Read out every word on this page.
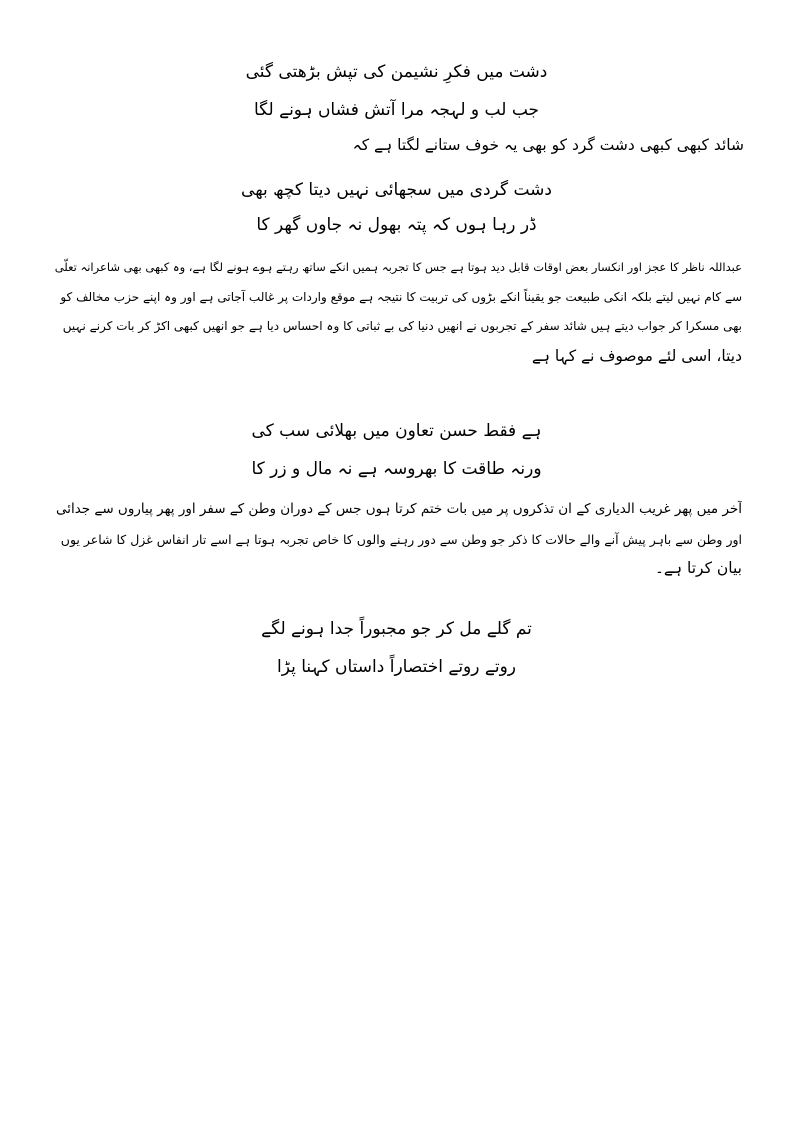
دشت میں فکرِ نشیمن کی تپش بڑھتی گئی
جب لب و لہجہ مرا آتش فشاں ہونے لگا
شائد کبھی کبھی دشت گرد کو بھی یہ خوف ستانے لگتا ہے کہ
دشت گردی میں سجھائی نہیں دیتا کچھ بھی
ڈر رہا ہوں کہ پتہ بھول نہ جاوں گھر کا
عبداللہ ناظر کا عجز اور انکسار بعض اوقات قابل دید ہوتا ہے جس کا تجربہ ہمیں انکے ساتھ رہتے ہوے ہونے لگا ہے، وہ کبھی بھی شاعرانہ تعلّی
سے کام نہیں لیتے بلکہ انکی طبیعت جو یقیناً انکے بڑوں کی تربیت کا نتیجہ ہے موقع واردات پر غالب آجاتی ہے اور وہ اپنے حزب مخالف کو
بھی مسکرا کر جواب دیتے ہیں شائد سفر کے تجربوں نے انھیں دنیا کی بے ثباتی کا وہ احساس دیا ہے جو انھیں کبھی اکڑ کر بات کرنے نہیں
دیتا، اسی لئے موصوف نے کہا ہے
ہے فقط حسن تعاون میں بھلائی سب کی
ورنہ طاقت کا بھروسہ ہے نہ مال و زر کا
آخر میں پھر غریب الدیاری کے ان تذکروں پر میں بات ختم کرتا ہوں جس کے دوران وطن کے سفر اور پھر پیاروں سے جدائی
اور وطن سے باہر پیش آنے والے حالات کا ذکر جو وطن سے دور رہنے والوں کا خاص تجربہ ہوتا ہے اسے تار انفاس غزل کا شاعر یوں
بیان کرتا ہے۔
تم گلے مل کر جو مجبوراً جدا ہونے لگے
روتے روتے اختصاراً داستاں کہنا پڑا
